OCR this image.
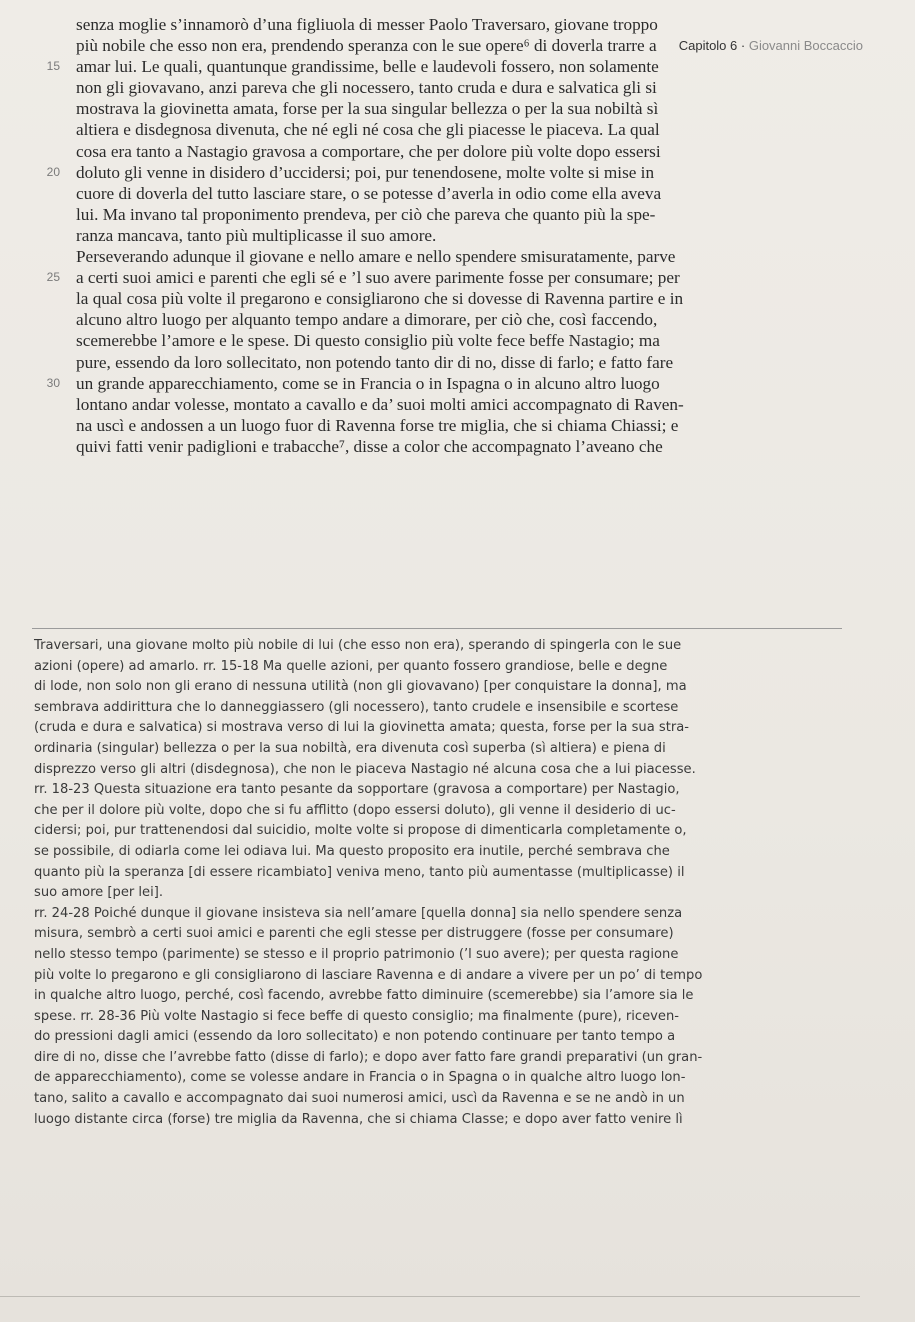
Capitolo 6 · Giovanni Boccaccio
senza moglie s’innamorò d’una figliuola di messer Paolo Traversaro, giovane troppo
più nobile che esso non era, prendendo speranza con le sue opere⁶ di doverla trarre a
15 amar lui. Le quali, quantunque grandissime, belle e laudevoli fossero, non solamente
non gli giovavano, anzi pareva che gli nocessero, tanto cruda e dura e salvatica gli si
mostrava la giovinetta amata, forse per la sua singular bellezza o per la sua nobiltà sì
altiera e disdegnosa divenuta, che né egli né cosa che gli piacesse le piaceva. La qual
cosa era tanto a Nastagio gravosa a comportare, che per dolore più volte dopo essersi
20 doluto gli venne in disidero d’uccidersi; poi, pur tenendosene, molte volte si mise in
cuore di doverla del tutto lasciare stare, o se potesse d’averla in odio come ella aveva
lui. Ma invano tal proponimento prendeva, per ciò che pareva che quanto più la spe-
ranza mancava, tanto più multiplicasse il suo amore.
Perseverando adunque il giovane e nello amare e nello spendere smisuratamente, parve
25 a certi suoi amici e parenti che egli sé e ’l suo avere parimente fosse per consumare; per
la qual cosa più volte il pregarono e consigliarono che si dovesse di Ravenna partire e in
alcuno altro luogo per alquanto tempo andare a dimorare, per ciò che, così faccendo,
scemerebbe l’amore e le spese. Di questo consiglio più volte fece beffe Nastagio; ma
pure, essendo da loro sollecitato, non potendo tanto dir di no, disse di farlo; e fatto fare
30 un grande apparecchiamento, come se in Francia o in Ispagna o in alcuno altro luogo
lontano andar volesse, montato a cavallo e da’ suoi molti amici accompagnato di Raven-
na uscì e andossen a un luogo fuor di Ravenna forse tre miglia, che si chiama Chiassi; e
quivi fatti venir padiglioni e trabacche⁷, disse a color che accompagnato l’aveano che
Traversari, una giovane molto più nobile di lui (che esso non era), sperando di spingerla con le sue
azioni (opere) ad amarlo. rr. 15-18 Ma quelle azioni, per quanto fossero grandiose, belle e degne
di lode, non solo non gli erano di nessuna utilità (non gli giovavano) [per conquistare la donna], ma
sembrava addirittura che lo danneggiassero (gli nocessero), tanto crudele e insensibile e scortese
(cruda e dura e salvatica) si mostrava verso di lui la giovinetta amata; questa, forse per la sua stra-
ordinaria (singular) bellezza o per la sua nobiltà, era divenuta così superba (sì altiera) e piena di
disprezzo verso gli altri (disdegnosa), che non le piaceva Nastagio né alcuna cosa che a lui piacesse.
rr. 18-23 Questa situazione era tanto pesante da sopportare (gravosa a comportare) per Nastagio,
che per il dolore più volte, dopo che si fu afflitto (dopo essersi doluto), gli venne il desiderio di uc-
cidersi; poi, pur trattenendosi dal suicidio, molte volte si propose di dimenticarla completamente o,
se possibile, di odiarla come lei odiava lui. Ma questo proposito era inutile, perché sembrava che
quanto più la speranza [di essere ricambiato] veniva meno, tanto più aumentasse (multiplicasse) il
suo amore [per lei].
rr. 24-28 Poiché dunque il giovane insisteva sia nell’amare [quella donna] sia nello spendere senza
misura, sembrò a certi suoi amici e parenti che egli stesse per distruggere (fosse per consumare)
nello stesso tempo (parimente) se stesso e il proprio patrimonio (’l suo avere); per questa ragione
più volte lo pregarono e gli consigliarono di lasciare Ravenna e di andare a vivere per un po’ di tempo
in qualche altro luogo, perché, così facendo, avrebbe fatto diminuire (scemerebbe) sia l’amore sia le
spese. rr. 28-36 Più volte Nastagio si fece beffe di questo consiglio; ma finalmente (pure), riceven-
do pressioni dagli amici (essendo da loro sollecitato) e non potendo continuare per tanto tempo a
dire di no, disse che l’avrebbe fatto (disse di farlo); e dopo aver fatto fare grandi preparativi (un gran-
de apparecchiamento), come se volesse andare in Francia o in Spagna o in qualche altro luogo lon-
tano, salito a cavallo e accompagnato dai suoi numerosi amici, uscì da Ravenna e se ne andò in un
luogo distante circa (forse) tre miglia da Ravenna, che si chiama Classe; e dopo aver fatto venire lì
